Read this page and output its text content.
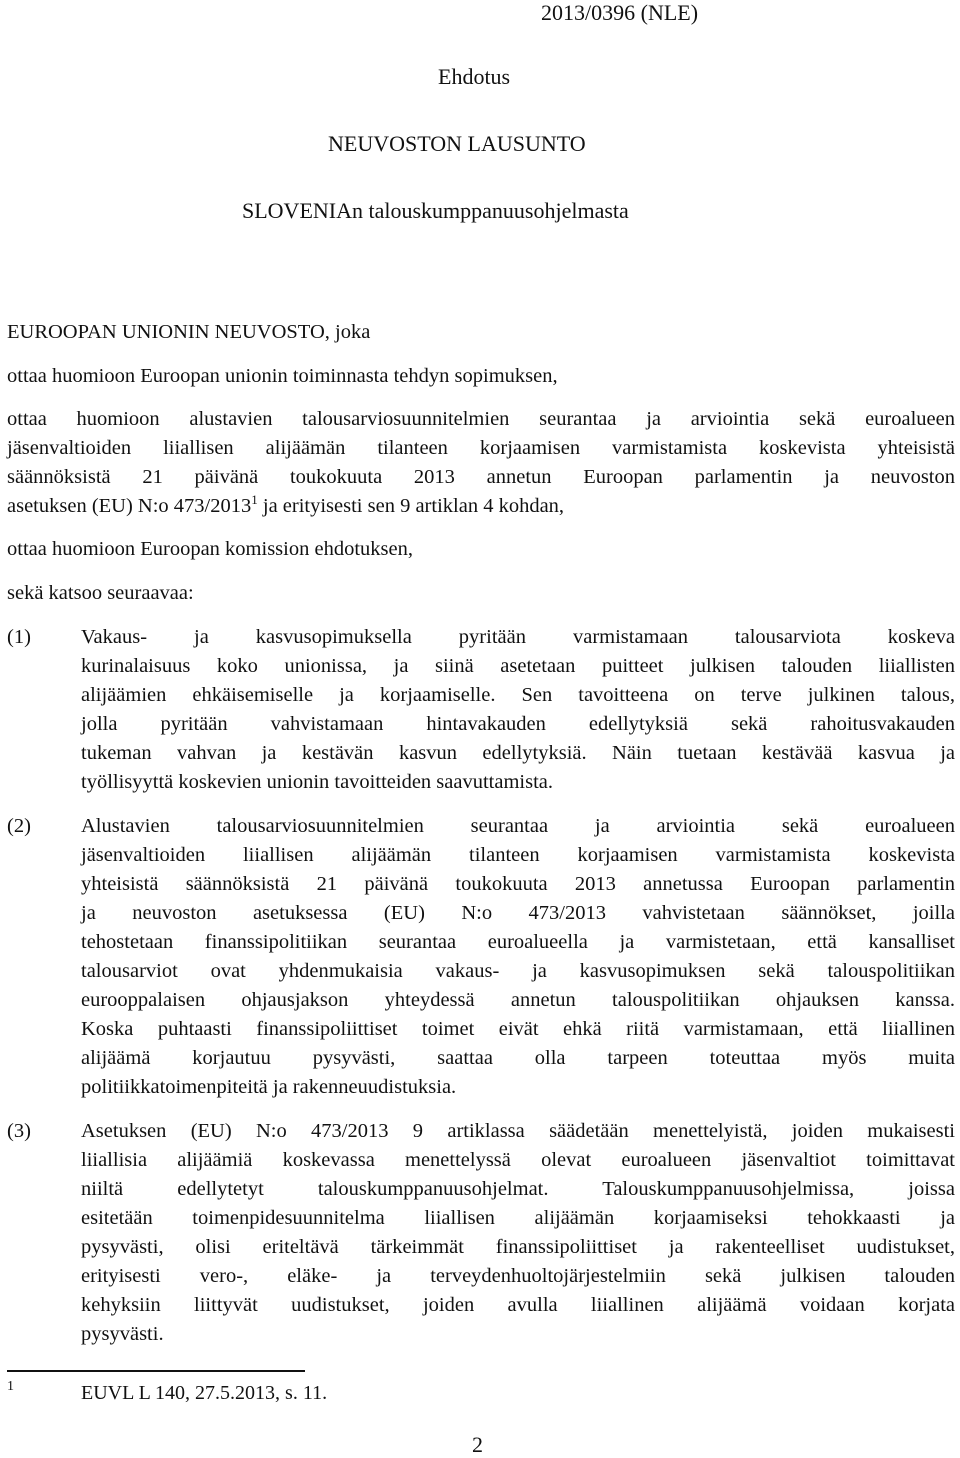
2013/0396 (NLE)
Ehdotus
NEUVOSTON LAUSUNTO
SLOVENIAn talouskumppanuusohjelmasta
EUROOPAN UNIONIN NEUVOSTO, joka
ottaa huomioon Euroopan unionin toiminnasta tehdyn sopimuksen,
ottaa huomioon alustavien talousarviosuunnitelmien seurantaa ja arviointia sekä euroalueen
jäsenvaltioiden liiallisen alijäämän tilanteen korjaamisen varmistamista koskevista yhteisistä
säännöksistä 21 päivänä toukokuuta 2013 annetun Euroopan parlamentin ja neuvoston
asetuksen (EU) N:o 473/2013$^1$ ja erityisesti sen 9 artiklan 4 kohdan,
ottaa huomioon Euroopan komission ehdotuksen,
sekä katsoo seuraavaa:
(1) Vakaus- ja kasvusopimuksella pyritään varmistamaan talousarviota koskeva
kurinalaisuus koko unionissa, ja siinä asetetaan puitteet julkisen talouden liiallisten
alijäämien ehkäisemiselle ja korjaamiselle. Sen tavoitteena on terve julkinen talous,
jolla pyritään vahvistamaan hintavakauden edellytyksiä sekä rahoitusvakauden
tukeman vahvan ja kestävän kasvun edellytyksiä. Näin tuetaan kestävää kasvua ja
työllisyyttä koskevien unionin tavoitteiden saavuttamista.
(2) Alustavien talousarviosuunnitelmien seurantaa ja arviointia sekä euroalueen
jäsenvaltioiden liiallisen alijäämän tilanteen korjaamisen varmistamista koskevista
yhteisistä säännöksistä 21 päivänä toukokuuta 2013 annetussa Euroopan parlamentin
ja neuvoston asetuksessa (EU) N:o 473/2013 vahvistetaan säännökset, joilla
tehostetaan finanssipolitiikan seurantaa euroalueella ja varmistetaan, että kansalliset
talousarviot ovat yhdenmukaisia vakaus- ja kasvusopimuksen sekä talouspolitiikan
eurooppalaisen ohjausjakson yhteydessä annetun talouspolitiikan ohjauksen kanssa.
Koska puhtaasti finanssipoliittiset toimet eivät ehkä riitä varmistamaan, että liiallinen
alijäämä korjautuu pysyvästi, saattaa olla tarpeen toteuttaa myös muita
politiikkatoimenpiteitä ja rakenneuudistuksia.
(3) Asetuksen (EU) N:o 473/2013 9 artiklassa säädetään menettelyistä, joiden mukaisesti
liiallisia alijäämiä koskevassa menettelyssä olevat euroalueen jäsenvaltiot toimittavat
niiltä edellytetyt talouskumppanuusohjelmat. Talouskumppanuusohjelmissa, joissa
esitetään toimenpidesuunnitelma liiallisen alijäämän korjaamiseksi tehokkaasti ja
pysyvästi, olisi eriteltävä tärkeimmät finanssipoliittiset ja rakenteelliset uudistukset,
erityisesti vero-, eläke- ja terveydenhuoltojärjestelmiin sekä julkisen talouden
kehyksiin liittyvät uudistukset, joiden avulla liiallinen alijäämä voidaan korjata
pysyvästi.
1	EUVL L 140, 27.5.2013, s. 11.
2
